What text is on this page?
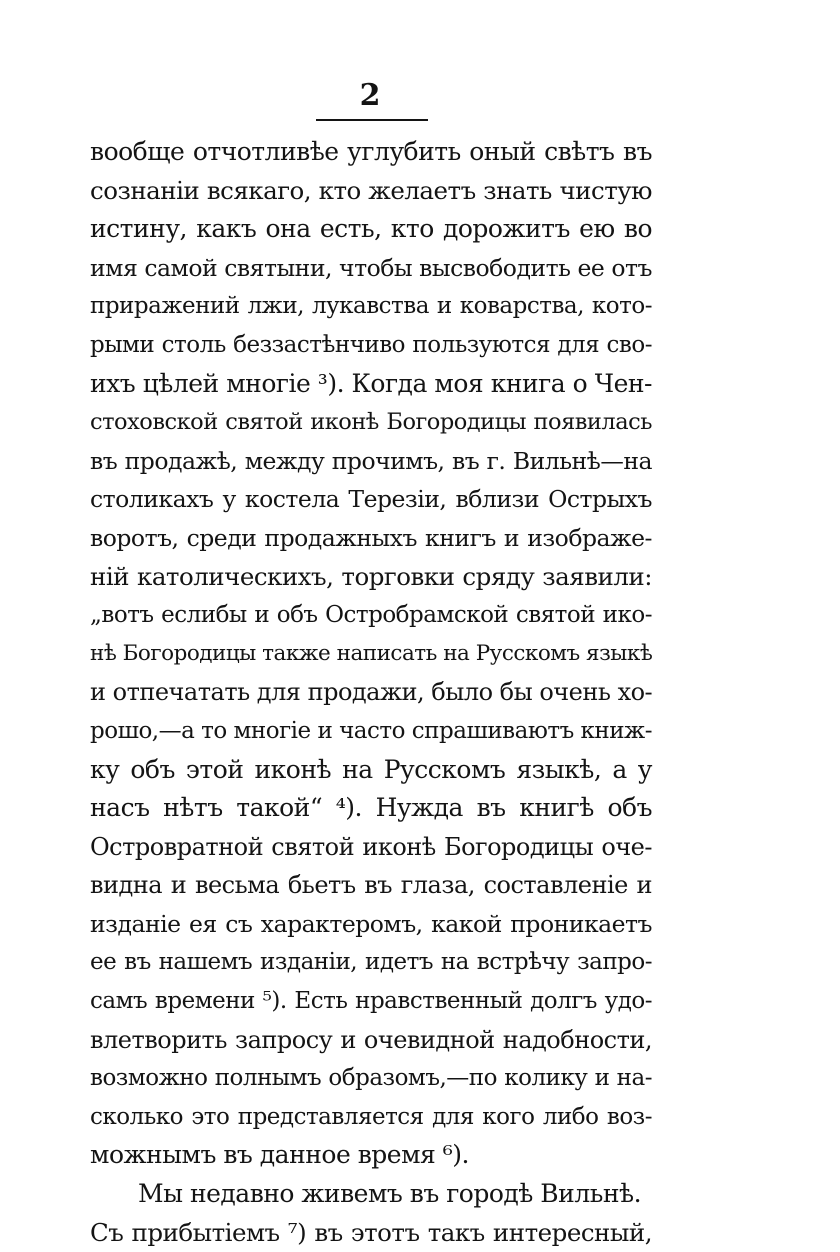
2
вообще отчотливѣе углубить оный свѣтъ въ
сознанiи всякаго, кто желаетъ знать чистую
истину, какъ она есть, кто дорожитъ ею во
имя самой святыни, чтобы высвободить ее отъ
приражений лжи, лукавства и коварства, кото-
рыми столь беззастѣнчиво пользуются для сво-
ихъ цѣлей многiе ³). Когда моя книга о Чен-
стоховской святой иконѣ Богородицы появилась
въ продажѣ, между прочимъ, въ г. Вильнѣ—на
столикахъ у костела Терезiи, вблизи Острыхъ
воротъ, среди продажныхъ книгъ и изображе-
нiй католическихъ, торговки сряду заявили:
„вотъ еслибы и объ Остробрамской святой ико-
нѣ Богородицы также написать на Русскомъ языкѣ
и отпечатать для продажи, было бы очень хо-
рошо,—а то многiе и часто спрашиваютъ книж-
ку объ этой иконѣ на Русскомъ языкѣ, а у
насъ нѣтъ такой“ ⁴). Нужда въ книгѣ объ
Островратной святой иконѣ Богородицы оче-
видна и весьма бьетъ въ глаза, составленiе и
изданiе ея съ характеромъ, какой проникаетъ
ее въ нашемъ изданiи, идетъ на встрѣчу запро-
самъ времени ⁵). Есть нравственный долгъ удо-
влетворить запросу и очевидной надобности,
возможно полнымъ образомъ,—по колику и на-
сколько это представляется для кого либо воз-
можнымъ въ данное время ⁶).
Мы недавно живемъ въ городѣ Вильнѣ.
Съ прибытiемъ ⁷) въ этотъ такъ интересный,
